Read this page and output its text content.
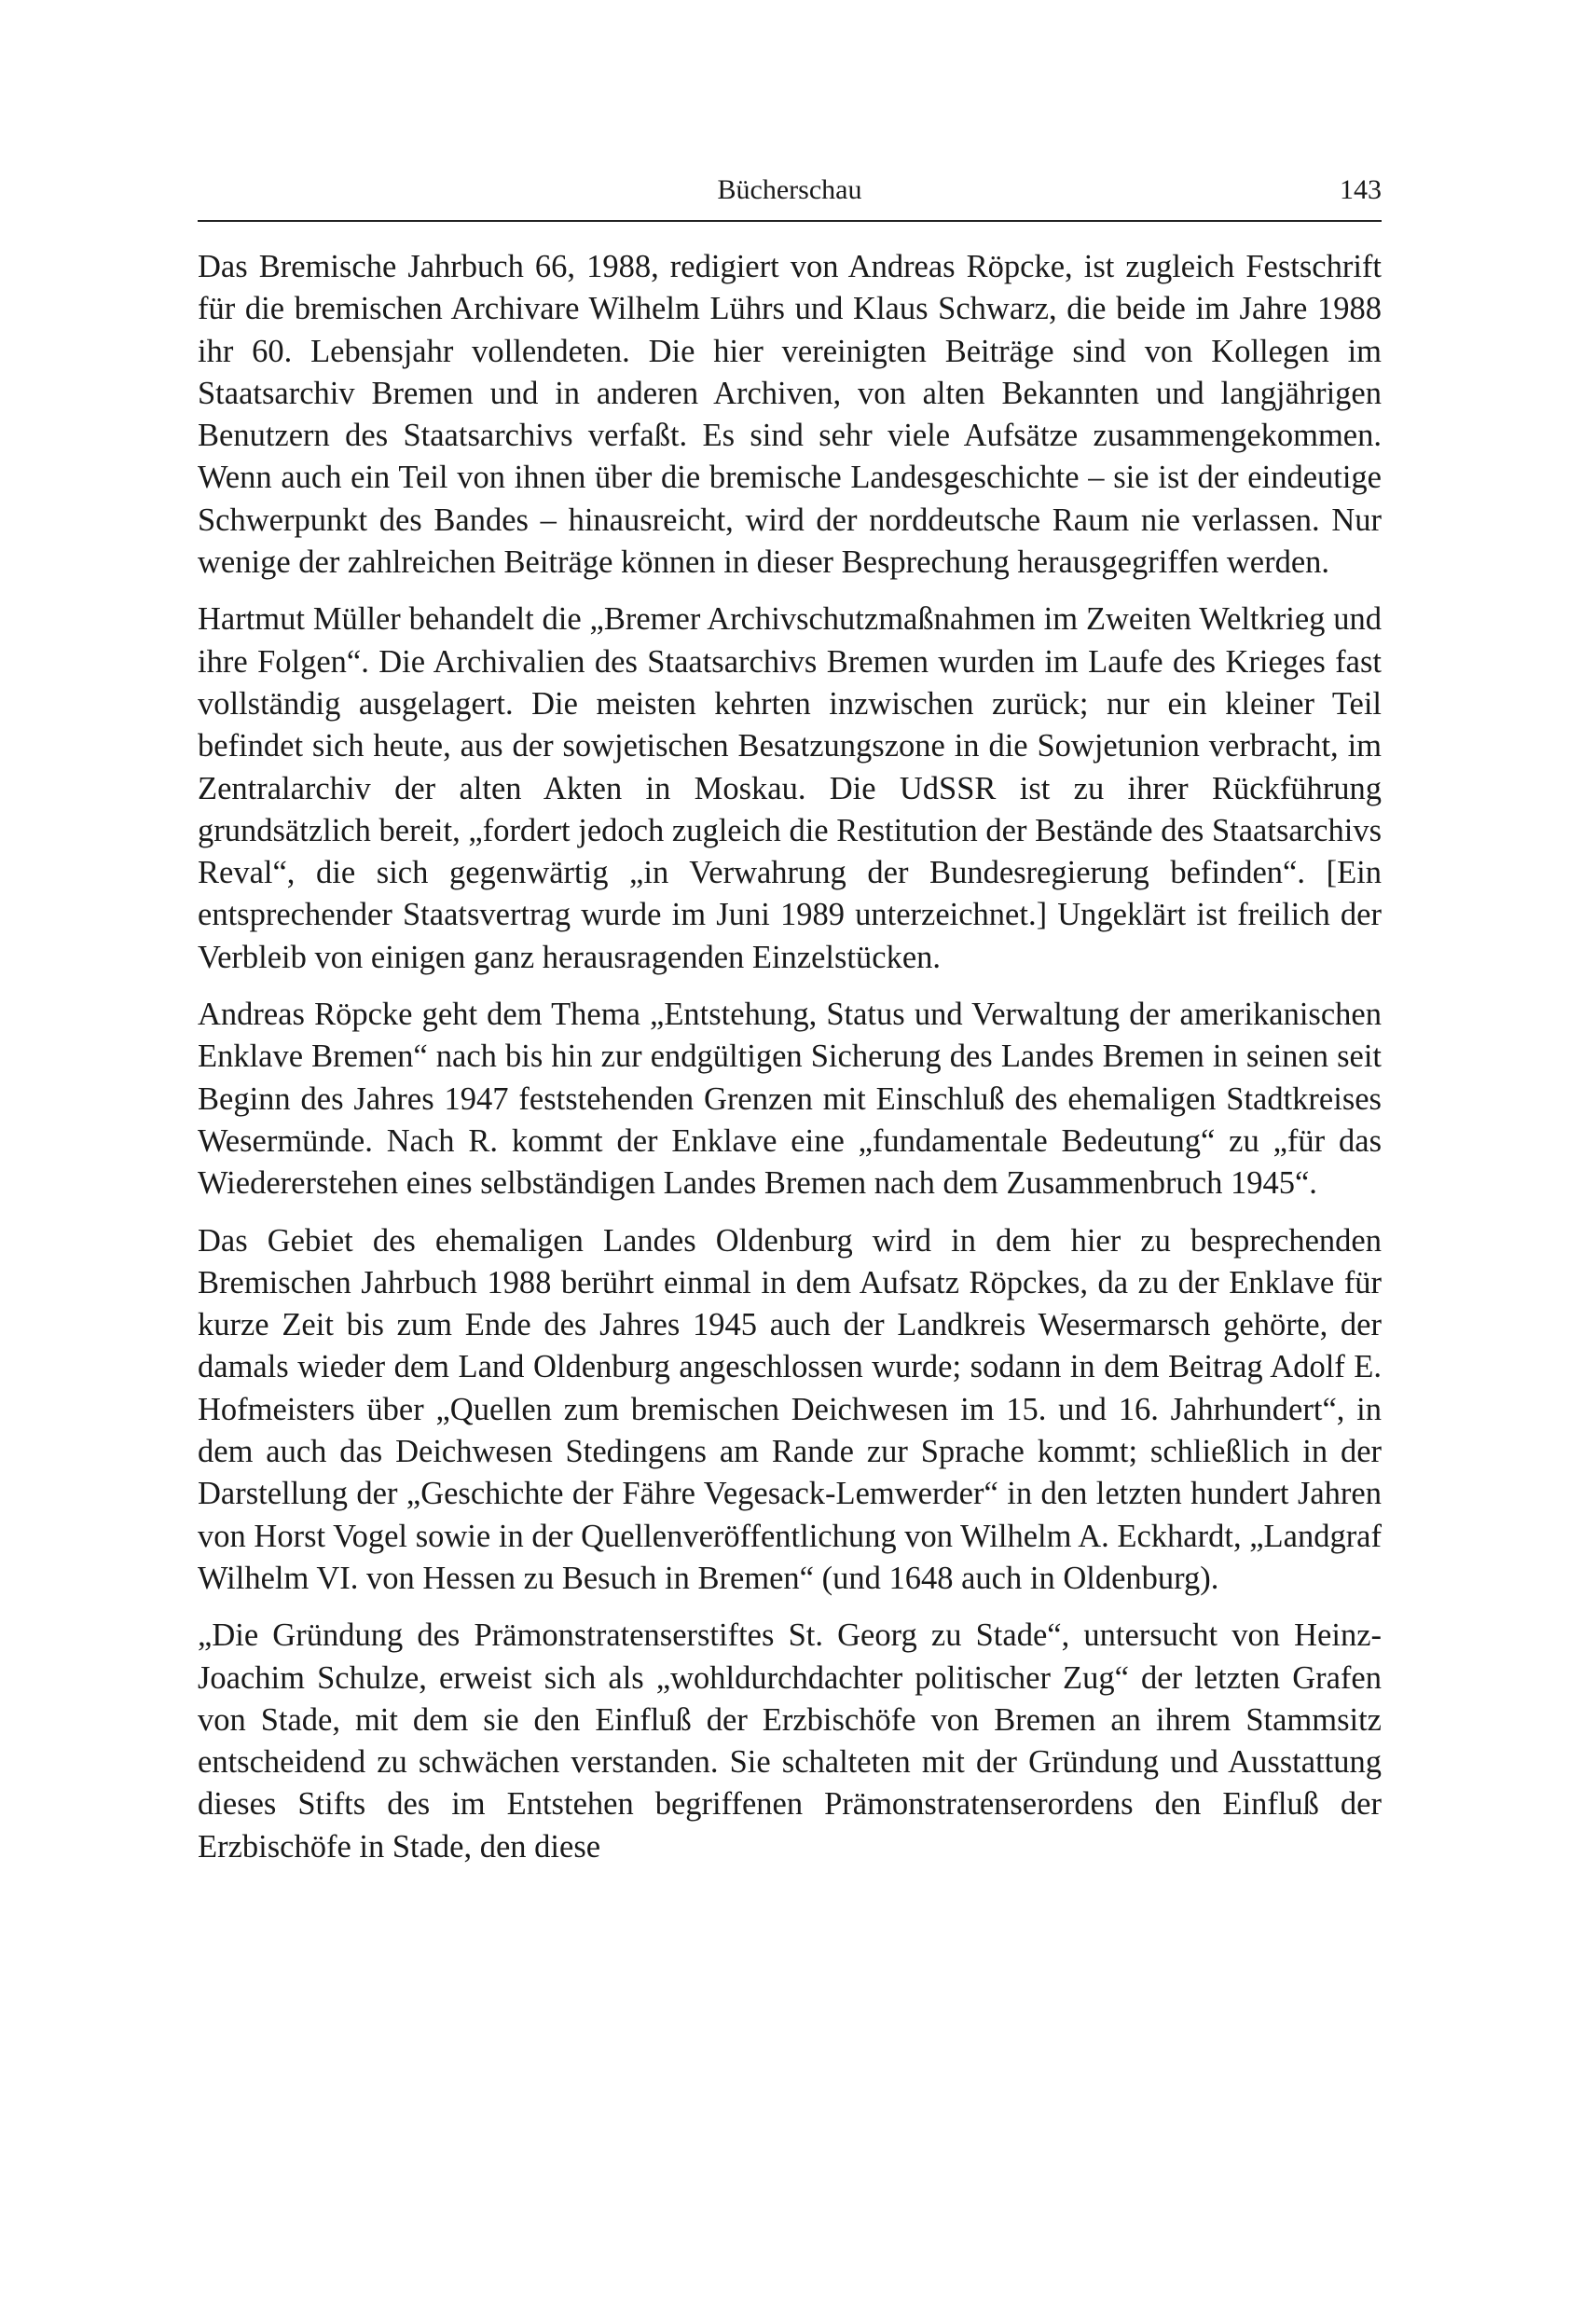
Bücherschau	143

Das Bremische Jahrbuch 66, 1988, redigiert von Andreas Röpcke, ist zugleich Festschrift für die bremischen Archivare Wilhelm Lührs und Klaus Schwarz, die beide im Jahre 1988 ihr 60. Lebensjahr vollendeten. Die hier vereinigten Beiträge sind von Kollegen im Staatsarchiv Bremen und in anderen Archiven, von alten Bekannten und langjährigen Benutzern des Staatsarchivs verfaßt. Es sind sehr viele Aufsätze zusammengekommen. Wenn auch ein Teil von ihnen über die bremische Landesgeschichte – sie ist der eindeutige Schwerpunkt des Bandes – hinausreicht, wird der norddeutsche Raum nie verlassen. Nur wenige der zahlreichen Beiträge können in dieser Besprechung herausgegriffen werden.

Hartmut Müller behandelt die „Bremer Archivschutzmaßnahmen im Zweiten Weltkrieg und ihre Folgen“. Die Archivalien des Staatsarchivs Bremen wurden im Laufe des Krieges fast vollständig ausgelagert. Die meisten kehrten inzwischen zurück; nur ein kleiner Teil befindet sich heute, aus der sowjetischen Besatzungszone in die Sowjetunion verbracht, im Zentralarchiv der alten Akten in Moskau. Die UdSSR ist zu ihrer Rückführung grundsätzlich bereit, „fordert jedoch zugleich die Restitution der Bestände des Staatsarchivs Reval“, die sich gegenwärtig „in Verwahrung der Bundesregierung befinden“. [Ein entsprechender Staatsvertrag wurde im Juni 1989 unterzeichnet.] Ungeklärt ist freilich der Verbleib von einigen ganz herausragenden Einzelstücken.

Andreas Röpcke geht dem Thema „Entstehung, Status und Verwaltung der amerikanischen Enklave Bremen“ nach bis hin zur endgültigen Sicherung des Landes Bremen in seinen seit Beginn des Jahres 1947 feststehenden Grenzen mit Einschluß des ehemaligen Stadtkreises Wesermünde. Nach R. kommt der Enklave eine „fundamentale Bedeutung“ zu „für das Wiedererstehen eines selbständigen Landes Bremen nach dem Zusammenbruch 1945“.

Das Gebiet des ehemaligen Landes Oldenburg wird in dem hier zu besprechenden Bremischen Jahrbuch 1988 berührt einmal in dem Aufsatz Röpckes, da zu der Enklave für kurze Zeit bis zum Ende des Jahres 1945 auch der Landkreis Wesermarsch gehörte, der damals wieder dem Land Oldenburg angeschlossen wurde; sodann in dem Beitrag Adolf E. Hofmeisters über „Quellen zum bremischen Deichwesen im 15. und 16. Jahrhundert“, in dem auch das Deichwesen Stedingens am Rande zur Sprache kommt; schließlich in der Darstellung der „Geschichte der Fähre Vegesack-Lemwerder“ in den letzten hundert Jahren von Horst Vogel sowie in der Quellenveröffentlichung von Wilhelm A. Eckhardt, „Landgraf Wilhelm VI. von Hessen zu Besuch in Bremen“ (und 1648 auch in Oldenburg).

„Die Gründung des Prämonstratenserstiftes St. Georg zu Stade“, untersucht von Heinz-Joachim Schulze, erweist sich als „wohldurchdachter politischer Zug“ der letzten Grafen von Stade, mit dem sie den Einfluß der Erzbischöfe von Bremen an ihrem Stammsitz entscheidend zu schwächen verstanden. Sie schalteten mit der Gründung und Ausstattung dieses Stifts des im Entstehen begriffenen Prämonstratenserordens den Einfluß der Erzbischöfe in Stade, den diese
